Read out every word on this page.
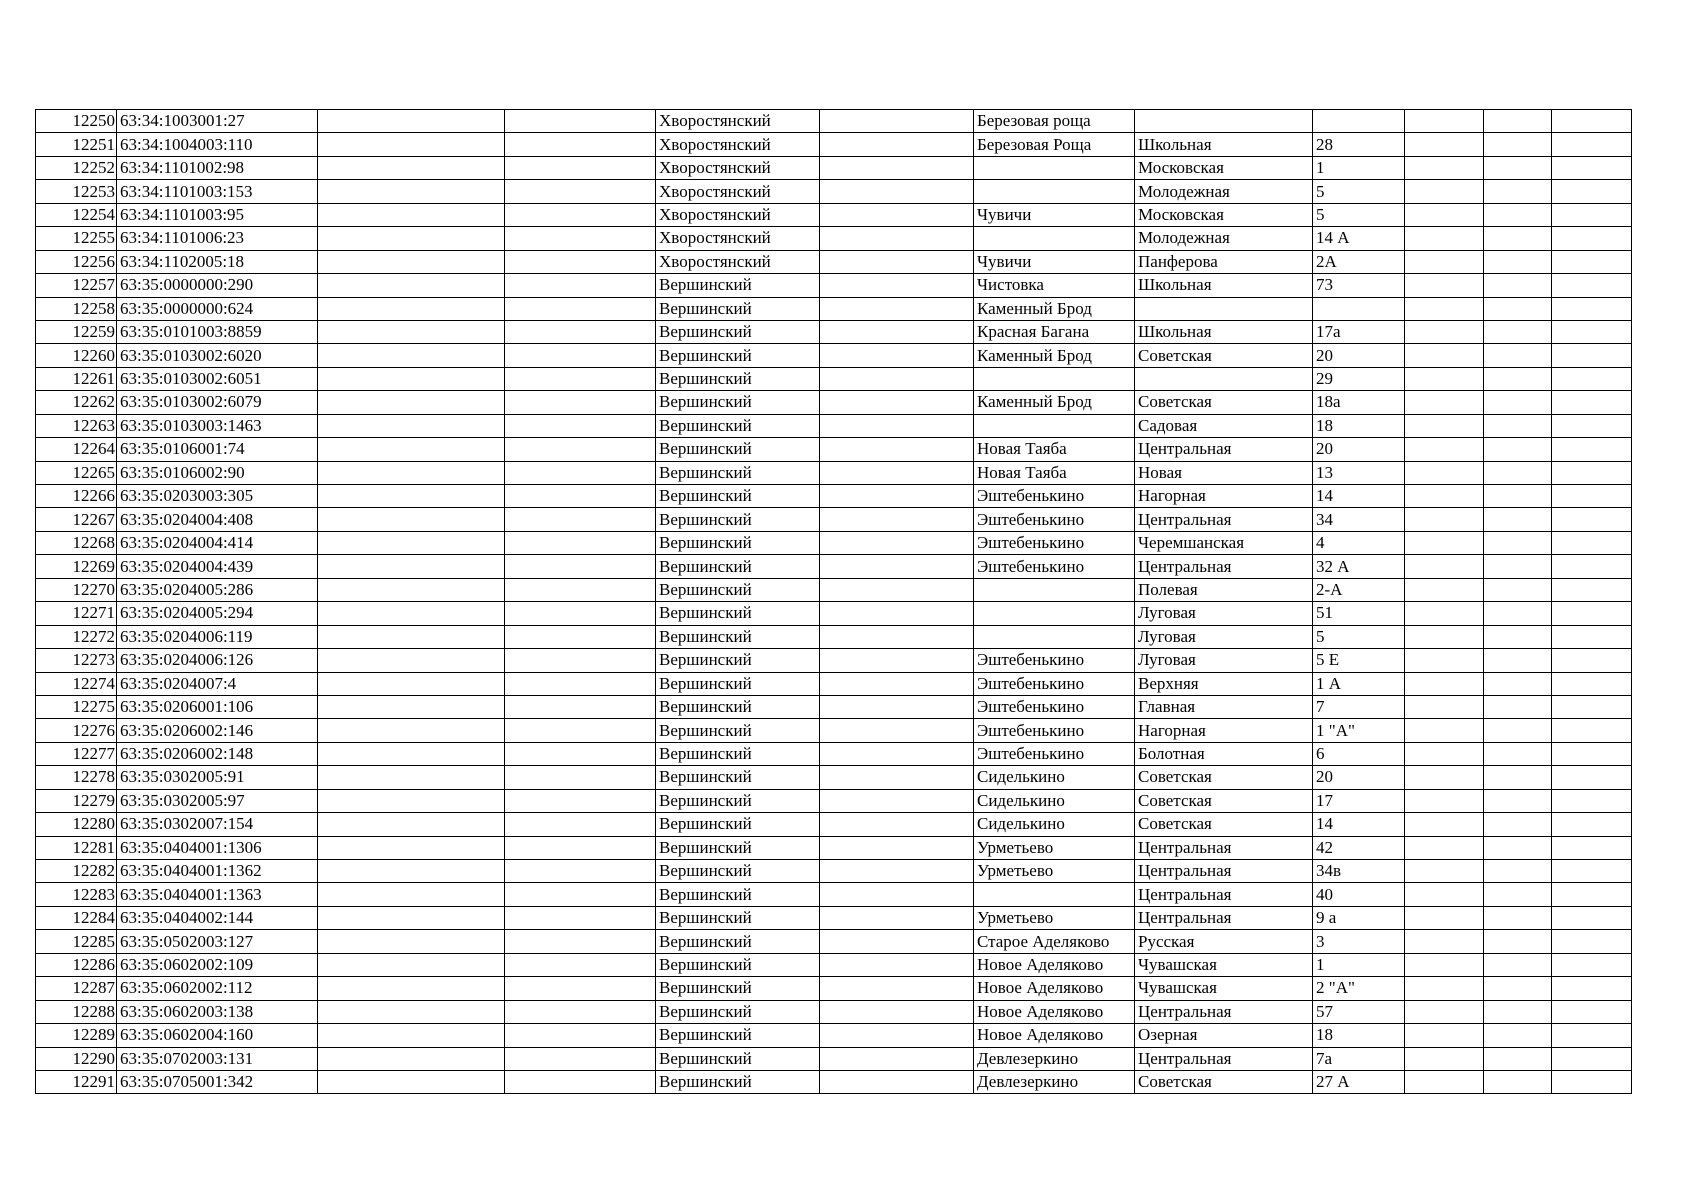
12250	63:34:1003001:27			Хворостянский		Березовая роща					
12251	63:34:1004003:110			Хворостянский		Березовая Роща	Школьная	28			
12252	63:34:1101002:98			Хворостянский			Московская	1			
12253	63:34:1101003:153			Хворостянский			Молодежная	5			
12254	63:34:1101003:95			Хворостянский		Чувичи	Московская	5			
12255	63:34:1101006:23			Хворостянский			Молодежная	14 А			
12256	63:34:1102005:18			Хворостянский		Чувичи	Панферова	2А			
12257	63:35:0000000:290			Вершинский		Чистовка	Школьная	73			
12258	63:35:0000000:624			Вершинский		Каменный Брод					
12259	63:35:0101003:8859			Вершинский		Красная Багана	Школьная	17а			
12260	63:35:0103002:6020			Вершинский		Каменный Брод	Советская	20			
12261	63:35:0103002:6051			Вершинский				29			
12262	63:35:0103002:6079			Вершинский		Каменный Брод	Советская	18а			
12263	63:35:0103003:1463			Вершинский			Садовая	18			
12264	63:35:0106001:74			Вершинский		Новая Таяба	Центральная	20			
12265	63:35:0106002:90			Вершинский		Новая Таяба	Новая	13			
12266	63:35:0203003:305			Вершинский		Эштебенькино	Нагорная	14			
12267	63:35:0204004:408			Вершинский		Эштебенькино	Центральная	34			
12268	63:35:0204004:414			Вершинский		Эштебенькино	Черемшанская	4			
12269	63:35:0204004:439			Вершинский		Эштебенькино	Центральная	32 А			
12270	63:35:0204005:286			Вершинский			Полевая	2-А			
12271	63:35:0204005:294			Вершинский			Луговая	51			
12272	63:35:0204006:119			Вершинский			Луговая	5			
12273	63:35:0204006:126			Вершинский		Эштебенькино	Луговая	5 Е			
12274	63:35:0204007:4			Вершинский		Эштебенькино	Верхняя	1 А			
12275	63:35:0206001:106			Вершинский		Эштебенькино	Главная	7			
12276	63:35:0206002:146			Вершинский		Эштебенькино	Нагорная	1 "А"			
12277	63:35:0206002:148			Вершинский		Эштебенькино	Болотная	6			
12278	63:35:0302005:91			Вершинский		Сиделькино	Советская	20			
12279	63:35:0302005:97			Вершинский		Сиделькино	Советская	17			
12280	63:35:0302007:154			Вершинский		Сиделькино	Советская	14			
12281	63:35:0404001:1306			Вершинский		Урметьево	Центральная	42			
12282	63:35:0404001:1362			Вершинский		Урметьево	Центральная	34в			
12283	63:35:0404001:1363			Вершинский			Центральная	40			
12284	63:35:0404002:144			Вершинский		Урметьево	Центральная	9 а			
12285	63:35:0502003:127			Вершинский		Старое Аделяково	Русская	3			
12286	63:35:0602002:109			Вершинский		Новое Аделяково	Чувашская	1			
12287	63:35:0602002:112			Вершинский		Новое Аделяково	Чувашская	2 "А"			
12288	63:35:0602003:138			Вершинский		Новое Аделяково	Центральная	57			
12289	63:35:0602004:160			Вершинский		Новое Аделяково	Озерная	18			
12290	63:35:0702003:131			Вершинский		Девлезеркино	Центральная	7а			
12291	63:35:0705001:342			Вершинский		Девлезеркино	Советская	27 А			
